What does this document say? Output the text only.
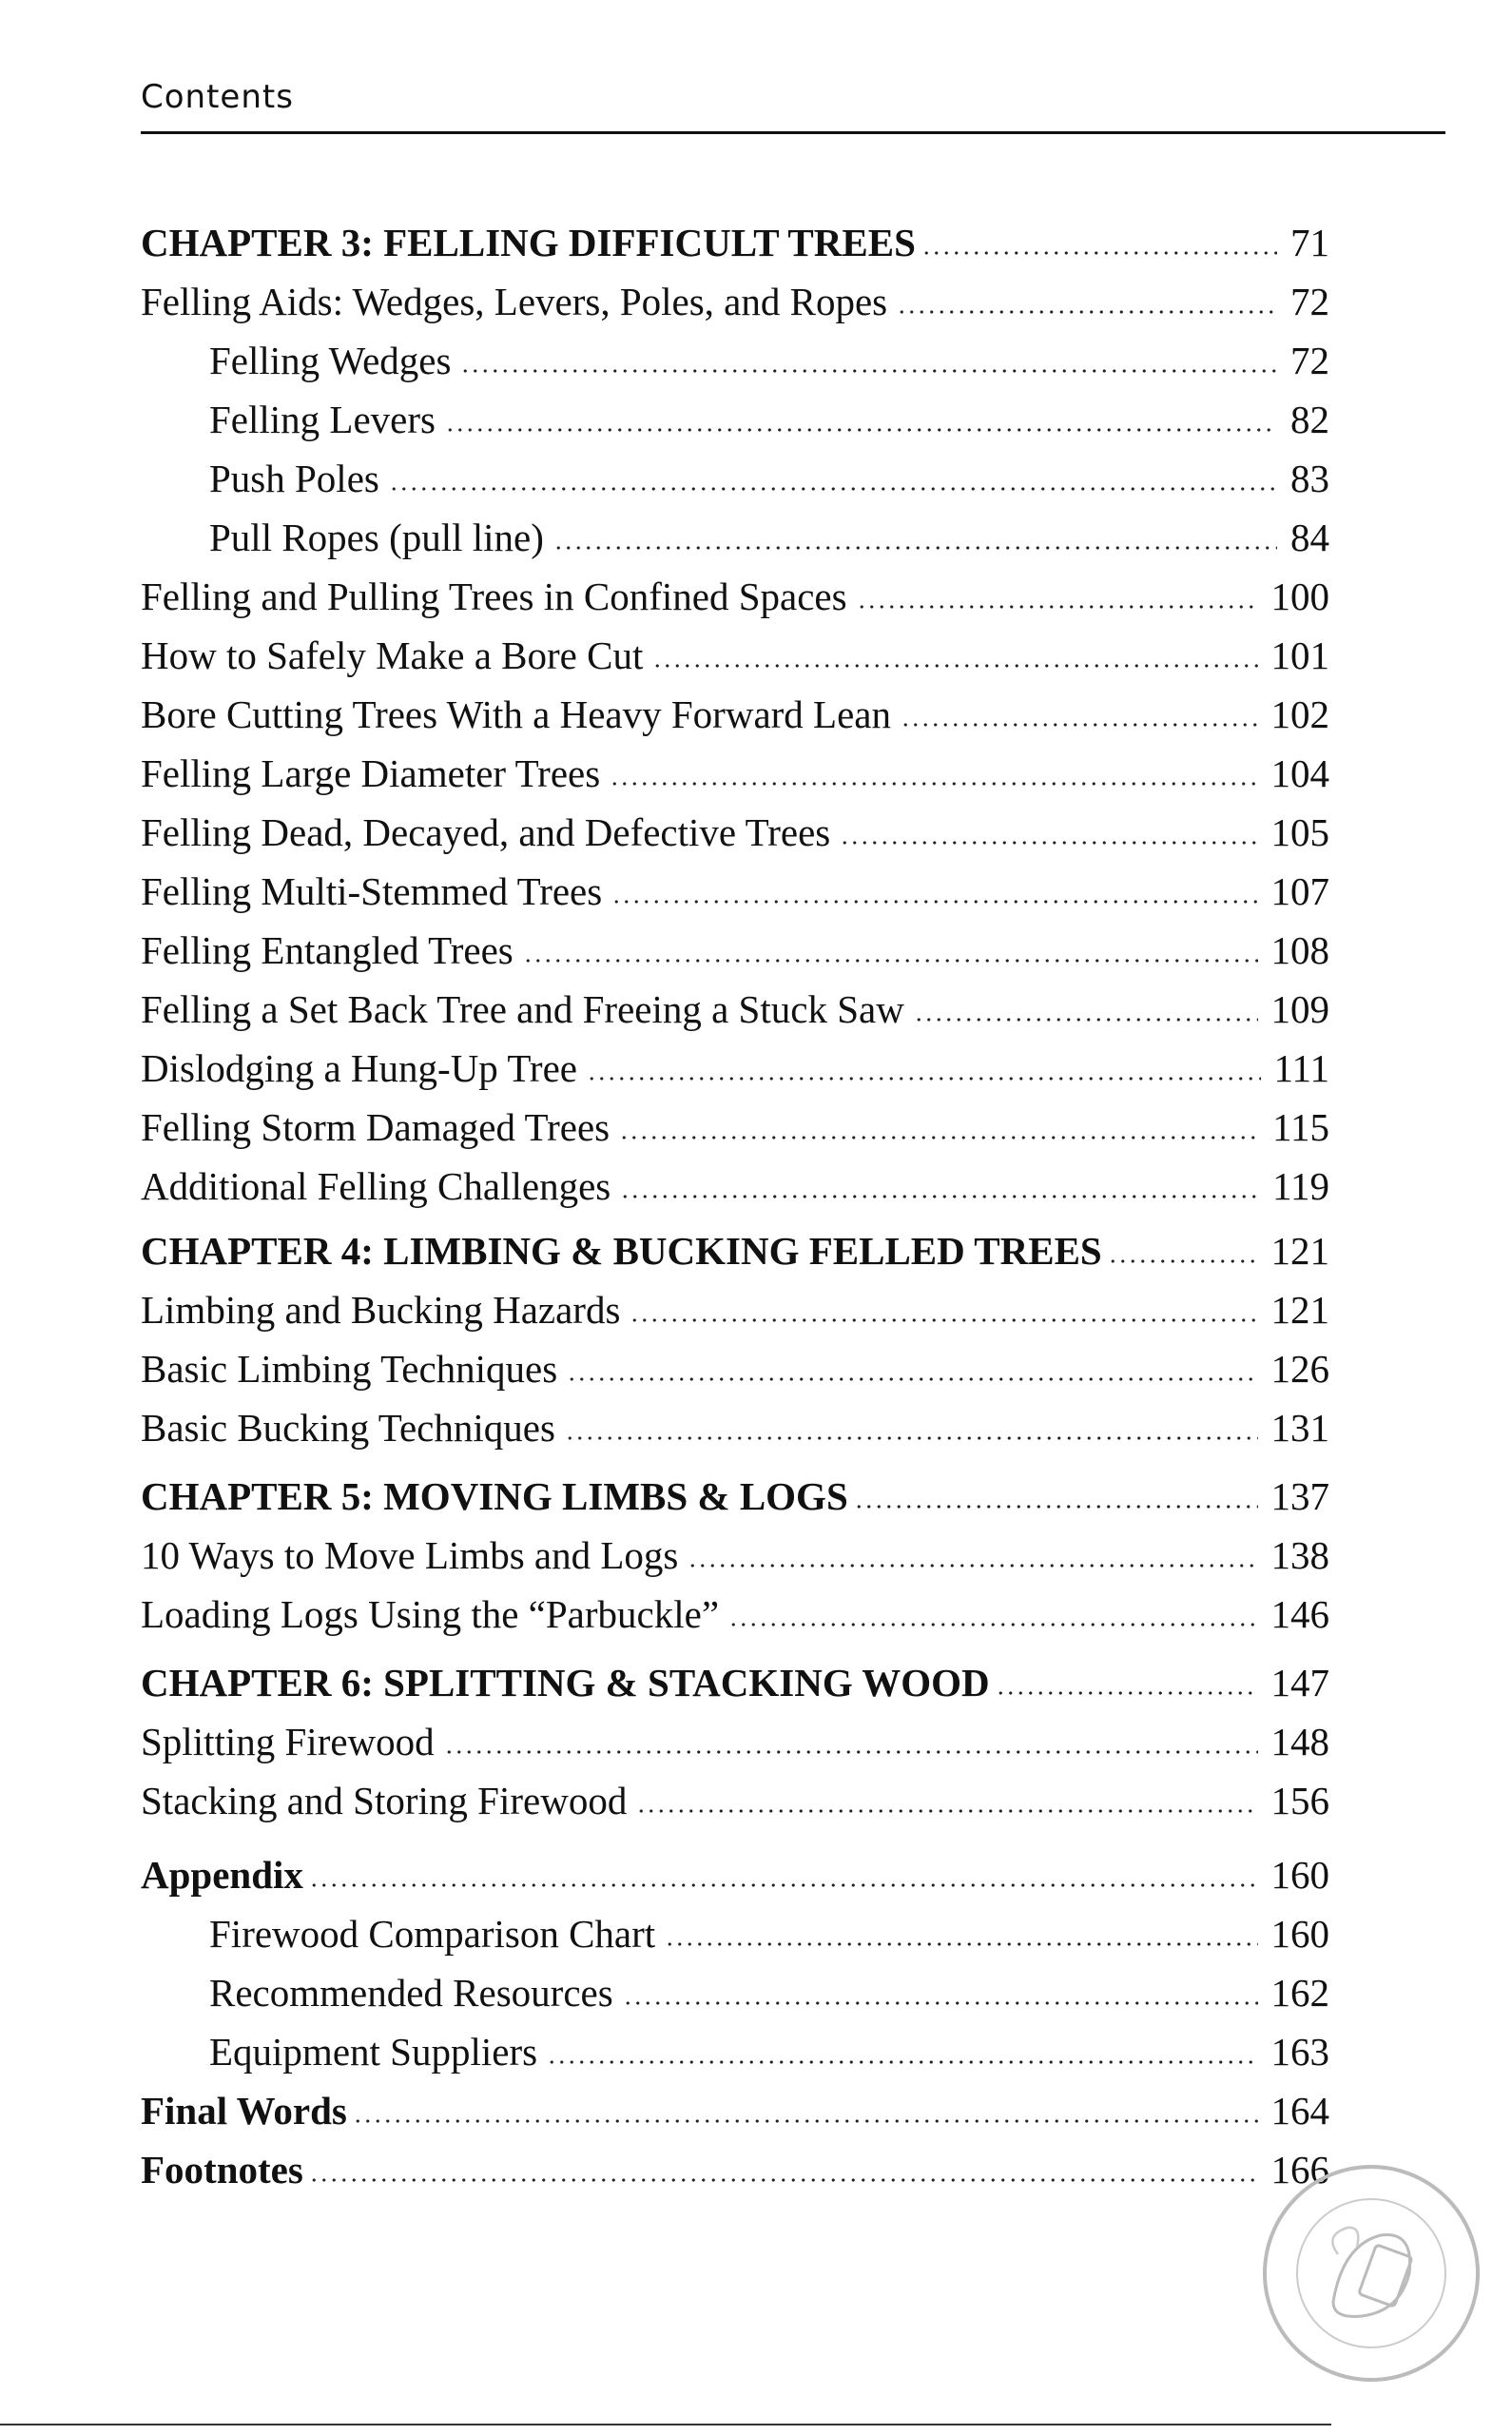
Contents
CHAPTER 3: FELLING DIFFICULT TREES	71
Felling Aids: Wedges, Levers, Poles, and Ropes	72
Felling Wedges	72
Felling Levers	82
Push Poles	83
Pull Ropes (pull line)	84
Felling and Pulling Trees in Confined Spaces	100
How to Safely Make a Bore Cut	101
Bore Cutting Trees With a Heavy Forward Lean	102
Felling Large Diameter Trees	104
Felling Dead, Decayed, and Defective Trees	105
Felling Multi-Stemmed Trees	107
Felling Entangled Trees	108
Felling a Set Back Tree and Freeing a Stuck Saw	109
Dislodging a Hung-Up Tree	111
Felling Storm Damaged Trees	115
Additional Felling Challenges	119
CHAPTER 4: LIMBING & BUCKING FELLED TREES	121
Limbing and Bucking Hazards	121
Basic Limbing Techniques	126
Basic Bucking Techniques	131
CHAPTER 5: MOVING LIMBS & LOGS	137
10 Ways to Move Limbs and Logs	138
Loading Logs Using the “Parbuckle”	146
CHAPTER 6: SPLITTING & STACKING WOOD	147
Splitting Firewood	148
Stacking and Storing Firewood	156
Appendix	160
Firewood Comparison Chart	160
Recommended Resources	162
Equipment Suppliers	163
Final Words	164
Footnotes	166
